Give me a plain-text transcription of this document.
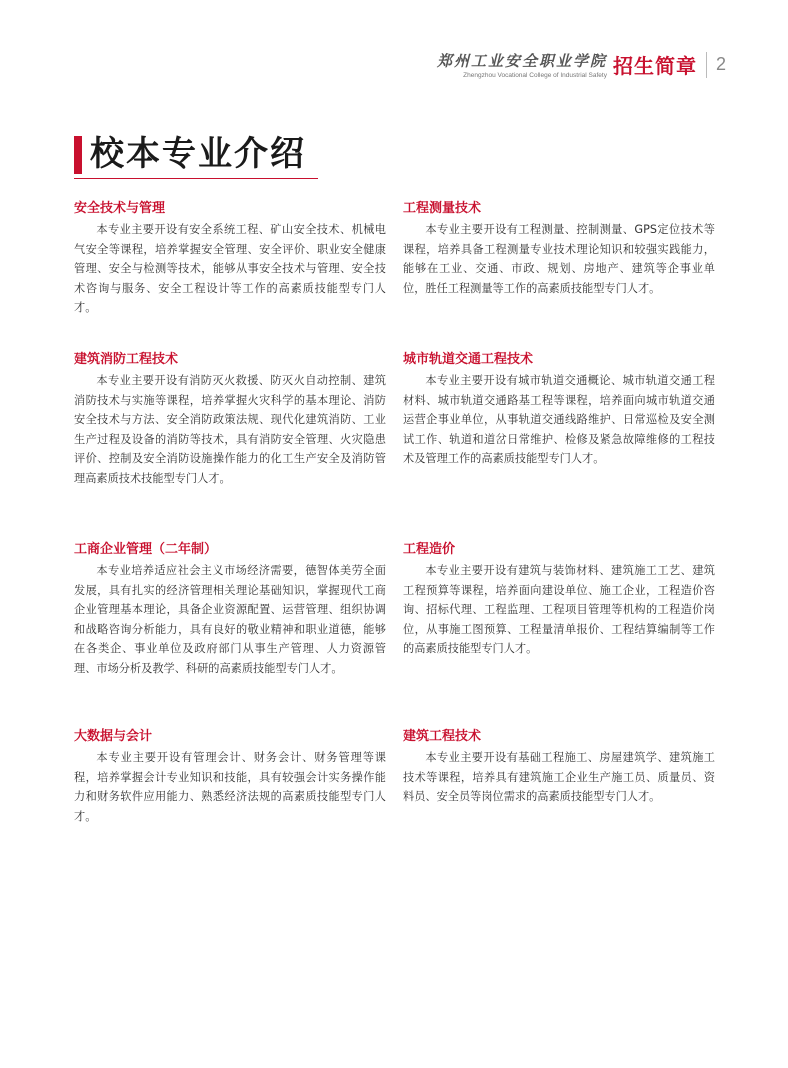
郑州工业安全职业学院
Zhengzhou Vocational College of Industrial Safety 招生简章 2
校本专业介绍
安全技术与管理

本专业主要开设有安全系统工程、矿山安全技术、机械电气安全等课程，培养掌握安全管理、安全评价、职业安全健康管理、安全与检测等技术，能够从事安全技术与管理、安全技术咨询与服务、安全工程设计等工作的高素质技能型专门人才。

工程测量技术

本专业主要开设有工程测量、控制测量、GPS定位技术等课程，培养具备工程测量专业技术理论知识和较强实践能力，能够在工业、交通、市政、规划、房地产、建筑等企事业单位，胜任工程测量等工作的高素质技能型专门人才。

建筑消防工程技术

本专业主要开设有消防灭火救援、防灭火自动控制、建筑消防技术与实施等课程，培养掌握火灾科学的基本理论、消防安全技术与方法、安全消防政策法规、现代化建筑消防、工业生产过程及设备的消防等技术，具有消防安全管理、火灾隐患评价、控制及安全消防设施操作能力的化工生产安全及消防管理高素质技术技能型专门人才。

城市轨道交通工程技术

本专业主要开设有城市轨道交通概论、城市轨道交通工程材料、城市轨道交通路基工程等课程，培养面向城市轨道交通运营企事业单位，从事轨道交通线路维护、日常巡检及安全测试工作、轨道和道岔日常维护、检修及紧急故障维修的工程技术及管理工作的高素质技能型专门人才。

工商企业管理（二年制）

本专业培养适应社会主义市场经济需要，德智体美劳全面发展，具有扎实的经济管理相关理论基础知识，掌握现代工商企业管理基本理论，具备企业资源配置、运营管理、组织协调和战略咨询分析能力，具有良好的敬业精神和职业道德，能够在各类企、事业单位及政府部门从事生产管理、人力资源管理、市场分析及教学、科研的高素质技能型专门人才。

工程造价

本专业主要开设有建筑与装饰材料、建筑施工工艺、建筑工程预算等课程，培养面向建设单位、施工企业，工程造价咨询、招标代理、工程监理、工程项目管理等机构的工程造价岗位，从事施工图预算、工程量清单报价、工程结算编制等工作的高素质技能型专门人才。

大数据与会计

本专业主要开设有管理会计、财务会计、财务管理等课程，培养掌握会计专业知识和技能，具有较强会计实务操作能力和财务软件应用能力、熟悉经济法规的高素质技能型专门人才。

建筑工程技术

本专业主要开设有基础工程施工、房屋建筑学、建筑施工技术等课程，培养具有建筑施工企业生产施工员、质量员、资料员、安全员等岗位需求的高素质技能型专门人才。
